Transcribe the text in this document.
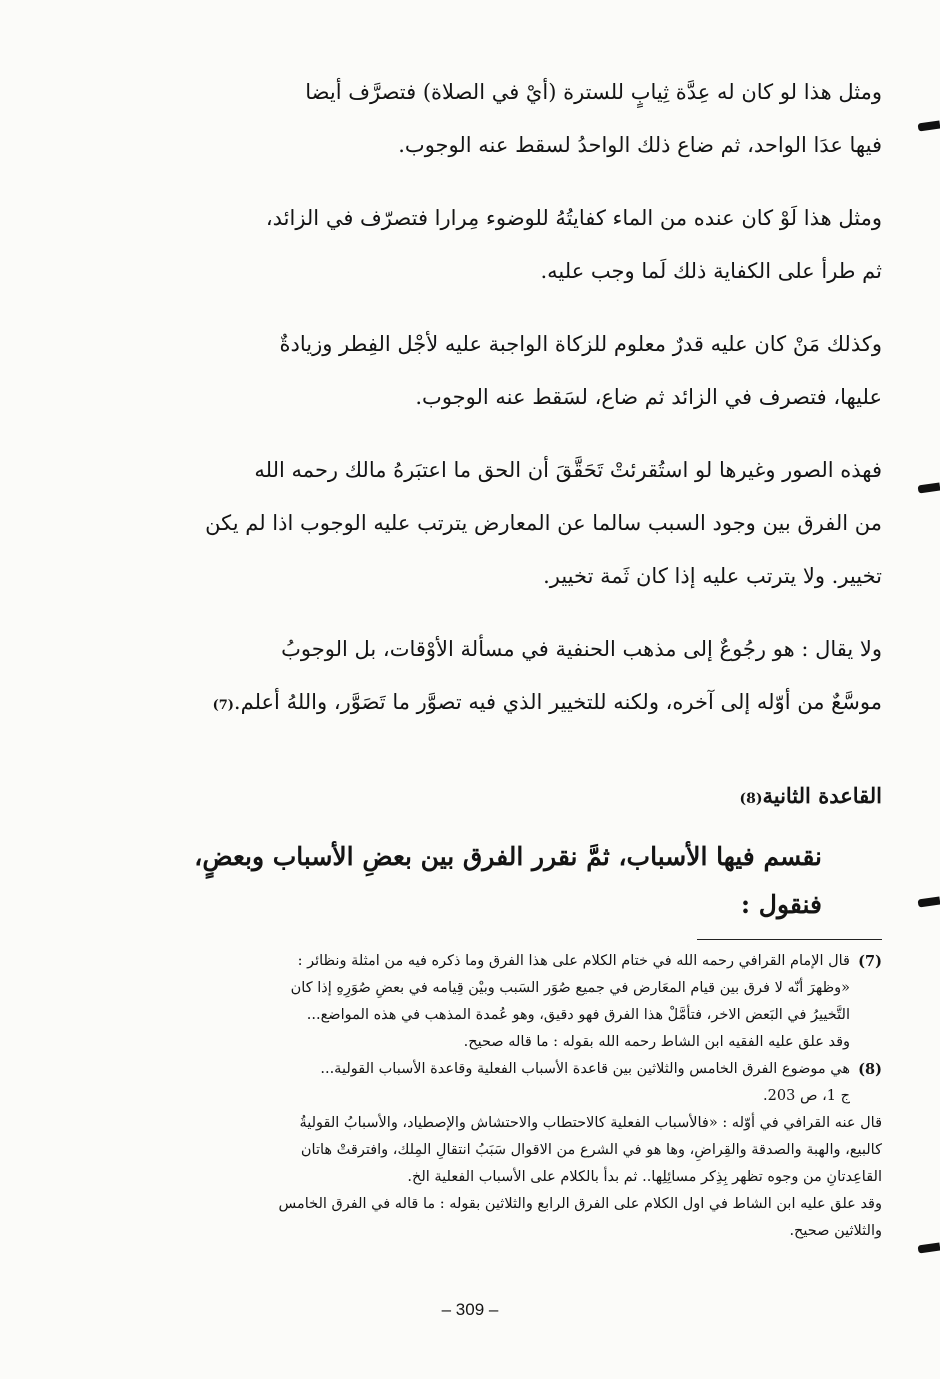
ومثل هذا لو كان له عِدَّة ثِيابٍ للسترة (أيْ في الصلاة) فتصرَّف أيضا
فيها عدَا الواحد، ثم ضاع ذلك الواحدُ لسقط عنه الوجوب.

ومثل هذا لَوْ كان عنده من الماء كفايتُهُ للوضوء مِرارا فتصرّف في الزائد،
ثم طرأ على الكفاية ذلك لَما وجب عليه.

وكذلك مَنْ كان عليه قدرٌ معلوم للزكاة الواجبة عليه لأجْل الفِطر وزيادةٌ
عليها، فتصرف في الزائد ثم ضاع، لسَقط عنه الوجوب.

فهذه الصور وغيرها لو استُقرئتْ تَحَقَّقَ أن الحق ما اعتبَرهُ مالك رحمه الله
من الفرق بين وجود السبب سالما عن المعارض يترتب عليه الوجوب اذا لم يكن
تخيير. ولا يترتب عليه إذا كان ثَمة تخيير.

ولا يقال : هو رجُوعٌ إلى مذهب الحنفية في مسألة الأوْقات، بل الوجوبُ
موسَّعٌ من أوّله إلى آخره، ولكنه للتخيير الذي فيه تصوَّر ما تَصَوَّر، واللهُ أعلم.(7)

القاعدة الثانية(8)

نقسم فيها الأسباب، ثمَّ نقرر الفرق بين بعضِ الأسباب وبعضٍ، فنقول :

(7)

قال الإمام القرافي رحمه الله في ختام الكلام على هذا الفرق وما ذكره فيه من امثلة ونظائر :

«وظهرَ أنّه لا فرق بين قيام المعَارض في جميع صُوَر السَبب وبيْن قِيامه في بعضِ صُوَرِهِ إذا كان

التَّخييرُ في البَعض الاخر، فتأمَّلْ هذا الفرق فهو دقيق، وهو عُمدة المذهب في هذه المواضع...

وقد علق عليه الفقيه ابن الشاط رحمه الله بقوله : ما قاله صحيح.

(8)

هي موضوع الفرق الخامس والثلاثين بين قاعدة الأسباب الفعلية وقاعدة الأسباب القولية...

ج 1، ص 203.

قال عنه القرافي في أوّله : «فالأسباب الفعلية كالاحتطاب والاحتشاش والإصطياد، والأسبابُ القوليةُ

كالبيع، والهبة والصدقة والقِراضِ، وها هو في الشرع من الاقوال سَبَبُ انتقالِ المِلك، وافترقتْ هاتان

القاعِدتانِ من وجوه تظهر بِذِكر مسائِلِها.. ثم بدأ بالكلام على الأسباب الفعلية الخ.

وقد علق عليه ابن الشاط في اول الكلام على الفرق الرابع والثلاثين بقوله : ما قاله في الفرق الخامس

والثلاثين صحيح.

– 309 –
